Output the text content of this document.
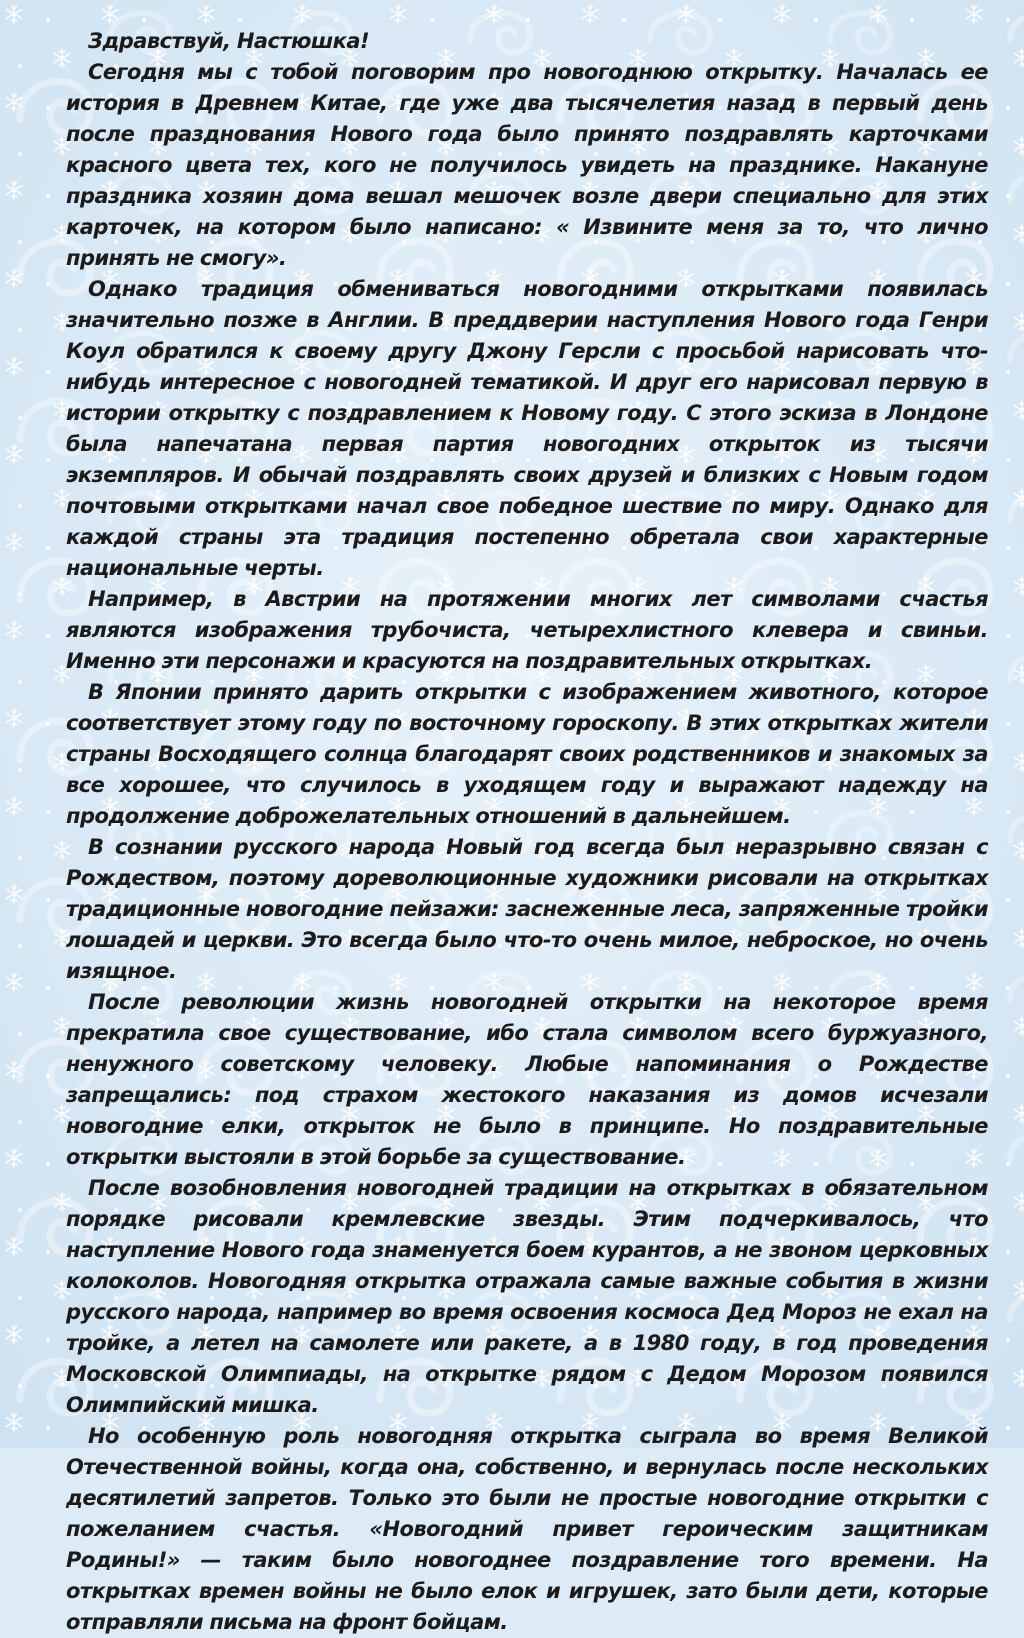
Здравствуй, Настюшка!

Сегодня мы с тобой поговорим про новогоднюю открытку. Началась ее история в Древнем Китае, где уже два тысячелетия назад в первый день после празднования Нового года было принято поздравлять карточками красного цвета тех, кого не получилось увидеть на празднике. Накануне праздника хозяин дома вешал мешочек возле двери специально для этих карточек, на котором было написано: « Извините меня за то, что лично принять не смогу».

Однако традиция обмениваться новогодними открытками появилась значительно позже в Англии. В преддверии наступления Нового года Генри Коул обратился к своему другу Джону Герсли с просьбой нарисовать что-нибудь интересное с новогодней тематикой. И друг его нарисовал первую в истории открытку с поздравлением к Новому году. С этого эскиза в Лондоне была напечатана первая партия новогодних открыток из тысячи экземпляров. И обычай поздравлять своих друзей и близких с Новым годом почтовыми открытками начал свое победное шествие по миру. Однако для каждой страны эта традиция постепенно обретала свои характерные национальные черты.

Например, в Австрии на протяжении многих лет символами счастья являются изображения трубочиста, четырехлистного клевера и свиньи. Именно эти персонажи и красуются на поздравительных открытках.

В Японии принято дарить открытки с изображением животного, которое соответствует этому году по восточному гороскопу. В этих открытках жители страны Восходящего солнца благодарят своих родственников и знакомых за все хорошее, что случилось в уходящем году и выражают надежду на продолжение доброжелательных отношений в дальнейшем.

В сознании русского народа Новый год всегда был неразрывно связан с Рождеством, поэтому дореволюционные художники рисовали на открытках традиционные новогодние пейзажи: заснеженные леса, запряженные тройки лошадей и церкви. Это всегда было что-то очень милое, неброское, но очень изящное.

После революции жизнь новогодней открытки на некоторое время прекратила свое существование, ибо стала символом всего буржуазного, ненужного советскому человеку. Любые напоминания о Рождестве запрещались: под страхом жестокого наказания из домов исчезали новогодние елки, открыток не было в принципе. Но поздравительные открытки выстояли в этой борьбе за существование.

После возобновления новогодней традиции на открытках в обязательном порядке рисовали кремлевские звезды. Этим подчеркивалось, что наступление Нового года знаменуется боем курантов, а не звоном церковных колоколов. Новогодняя открытка отражала самые важные события в жизни русского народа, например во время освоения космоса Дед Мороз не ехал на тройке, а летел на самолете или ракете, а в 1980 году, в год проведения Московской Олимпиады, на открытке рядом с Дедом Морозом появился Олимпийский мишка.

Но особенную роль новогодняя открытка сыграла во время Великой Отечественной войны, когда она, собственно, и вернулась после нескольких десятилетий запретов. Только это были не простые новогодние открытки с пожеланием счастья. «Новогодний привет героическим защитникам Родины!» — таким было новогоднее поздравление того времени. На открытках времен войны не было елок и игрушек, зато были дети, которые отправляли письма на фронт бойцам.
